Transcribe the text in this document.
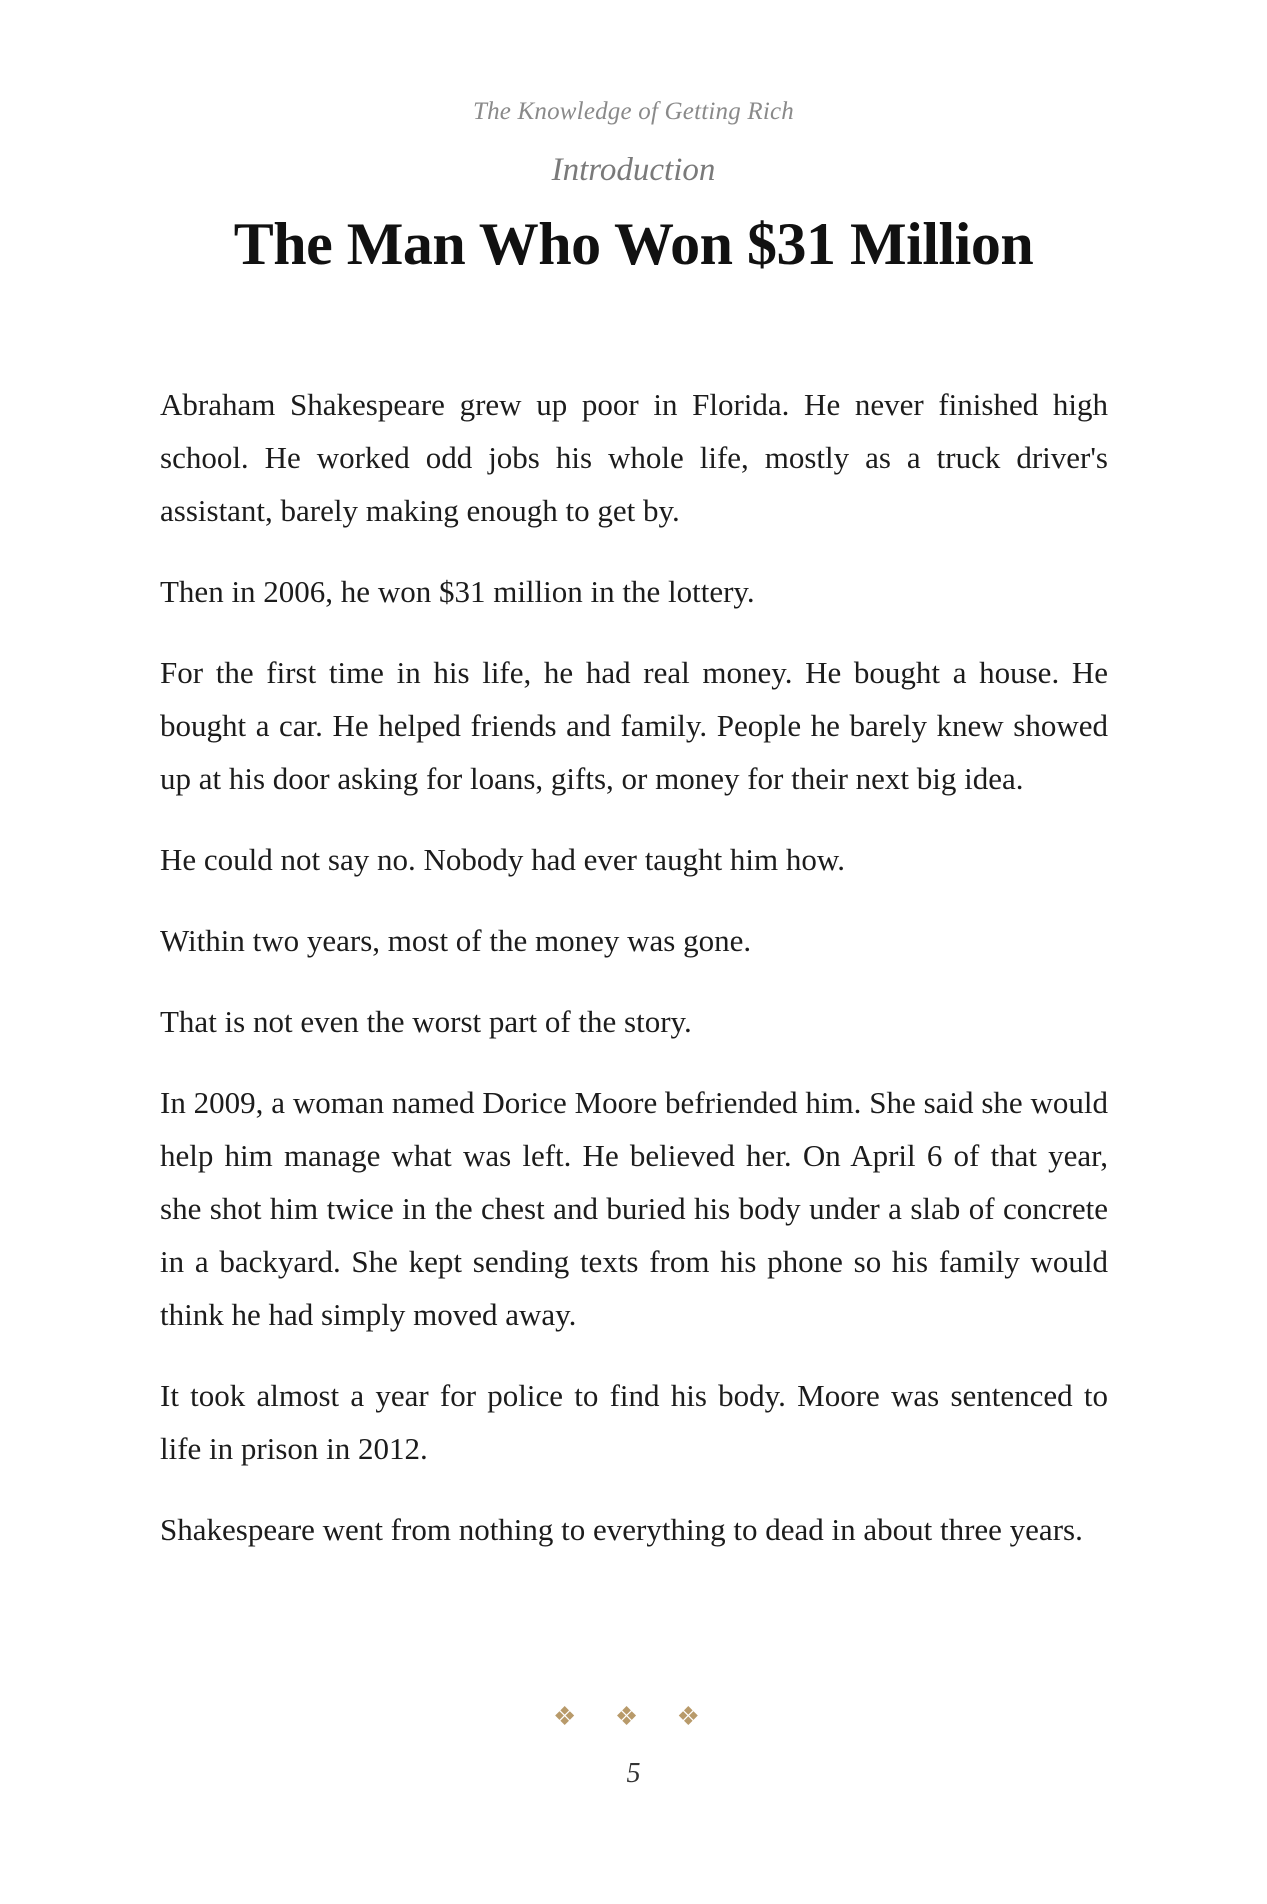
The Knowledge of Getting Rich
Introduction
The Man Who Won $31 Million

Abraham Shakespeare grew up poor in Florida. He never finished high school. He worked odd jobs his whole life, mostly as a truck driver's assistant, barely making enough to get by.

Then in 2006, he won $31 million in the lottery.

For the first time in his life, he had real money. He bought a house. He bought a car. He helped friends and family. People he barely knew showed up at his door asking for loans, gifts, or money for their next big idea.

He could not say no. Nobody had ever taught him how.

Within two years, most of the money was gone.

That is not even the worst part of the story.

In 2009, a woman named Dorice Moore befriended him. She said she would help him manage what was left. He believed her. On April 6 of that year, she shot him twice in the chest and buried his body under a slab of concrete in a backyard. She kept sending texts from his phone so his family would think he had simply moved away.

It took almost a year for police to find his body. Moore was sentenced to life in prison in 2012.

Shakespeare went from nothing to everything to dead in about three years.

❖ ❖ ❖
5
